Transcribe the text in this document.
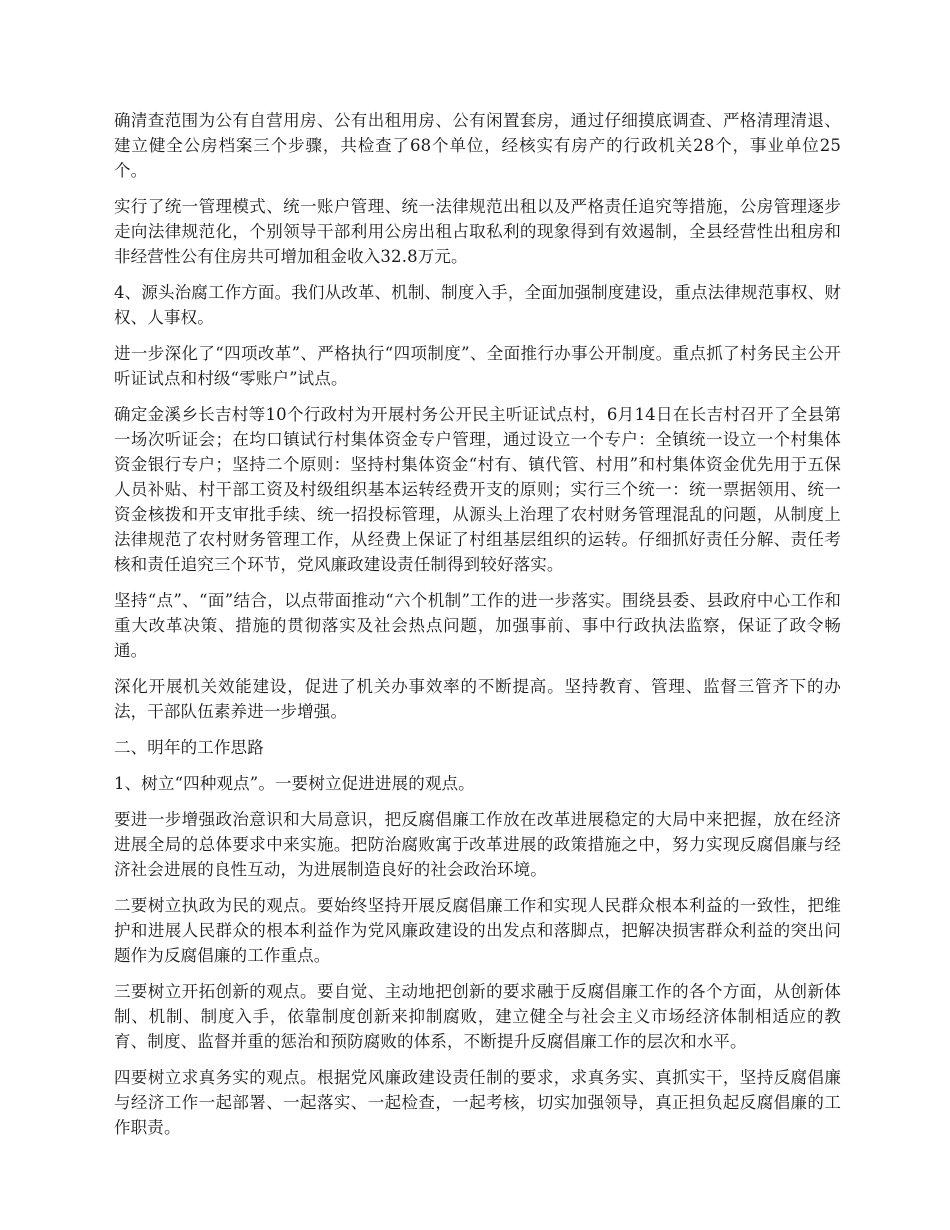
确清查范围为公有自营用房、公有出租用房、公有闲置套房，通过仔细摸底调查、严格清理清退、建立健全公房档案三个步骤，共检查了68个单位，经核实有房产的行政机关28个，事业单位25个。

实行了统一管理模式、统一账户管理、统一法律规范出租以及严格责任追究等措施，公房管理逐步走向法律规范化，个别领导干部利用公房出租占取私利的现象得到有效遏制，全县经营性出租房和非经营性公有住房共可增加租金收入32.8万元。

4、源头治腐工作方面。我们从改革、机制、制度入手，全面加强制度建设，重点法律规范事权、财权、人事权。

进一步深化了“四项改革”、严格执行“四项制度”、全面推行办事公开制度。重点抓了村务民主公开听证试点和村级“零账户”试点。

确定金溪乡长吉村等10个行政村为开展村务公开民主听证试点村，6月14日在长吉村召开了全县第一场次听证会；在均口镇试行村集体资金专户管理，通过设立一个专户：全镇统一设立一个村集体资金银行专户；坚持二个原则：坚持村集体资金“村有、镇代管、村用”和村集体资金优先用于五保人员补贴、村干部工资及村级组织基本运转经费开支的原则；实行三个统一：统一票据领用、统一资金核拨和开支审批手续、统一招投标管理，从源头上治理了农村财务管理混乱的问题，从制度上法律规范了农村财务管理工作，从经费上保证了村组基层组织的运转。仔细抓好责任分解、责任考核和责任追究三个环节，党风廉政建设责任制得到较好落实。

坚持“点”、“面”结合，以点带面推动“六个机制”工作的进一步落实。围绕县委、县政府中心工作和重大改革决策、措施的贯彻落实及社会热点问题，加强事前、事中行政执法监察，保证了政令畅通。

深化开展机关效能建设，促进了机关办事效率的不断提高。坚持教育、管理、监督三管齐下的办法，干部队伍素养进一步增强。

二、明年的工作思路

1、树立“四种观点”。一要树立促进进展的观点。

要进一步增强政治意识和大局意识，把反腐倡廉工作放在改革进展稳定的大局中来把握，放在经济进展全局的总体要求中来实施。把防治腐败寓于改革进展的政策措施之中，努力实现反腐倡廉与经济社会进展的良性互动，为进展制造良好的社会政治环境。

二要树立执政为民的观点。要始终坚持开展反腐倡廉工作和实现人民群众根本利益的一致性，把维护和进展人民群众的根本利益作为党风廉政建设的出发点和落脚点，把解决损害群众利益的突出问题作为反腐倡廉的工作重点。

三要树立开拓创新的观点。要自觉、主动地把创新的要求融于反腐倡廉工作的各个方面，从创新体制、机制、制度入手，依靠制度创新来抑制腐败，建立健全与社会主义市场经济体制相适应的教育、制度、监督并重的惩治和预防腐败的体系，不断提升反腐倡廉工作的层次和水平。

四要树立求真务实的观点。根据党风廉政建设责任制的要求，求真务实、真抓实干，坚持反腐倡廉与经济工作一起部署、一起落实、一起检查，一起考核，切实加强领导，真正担负起反腐倡廉的工作职责。
